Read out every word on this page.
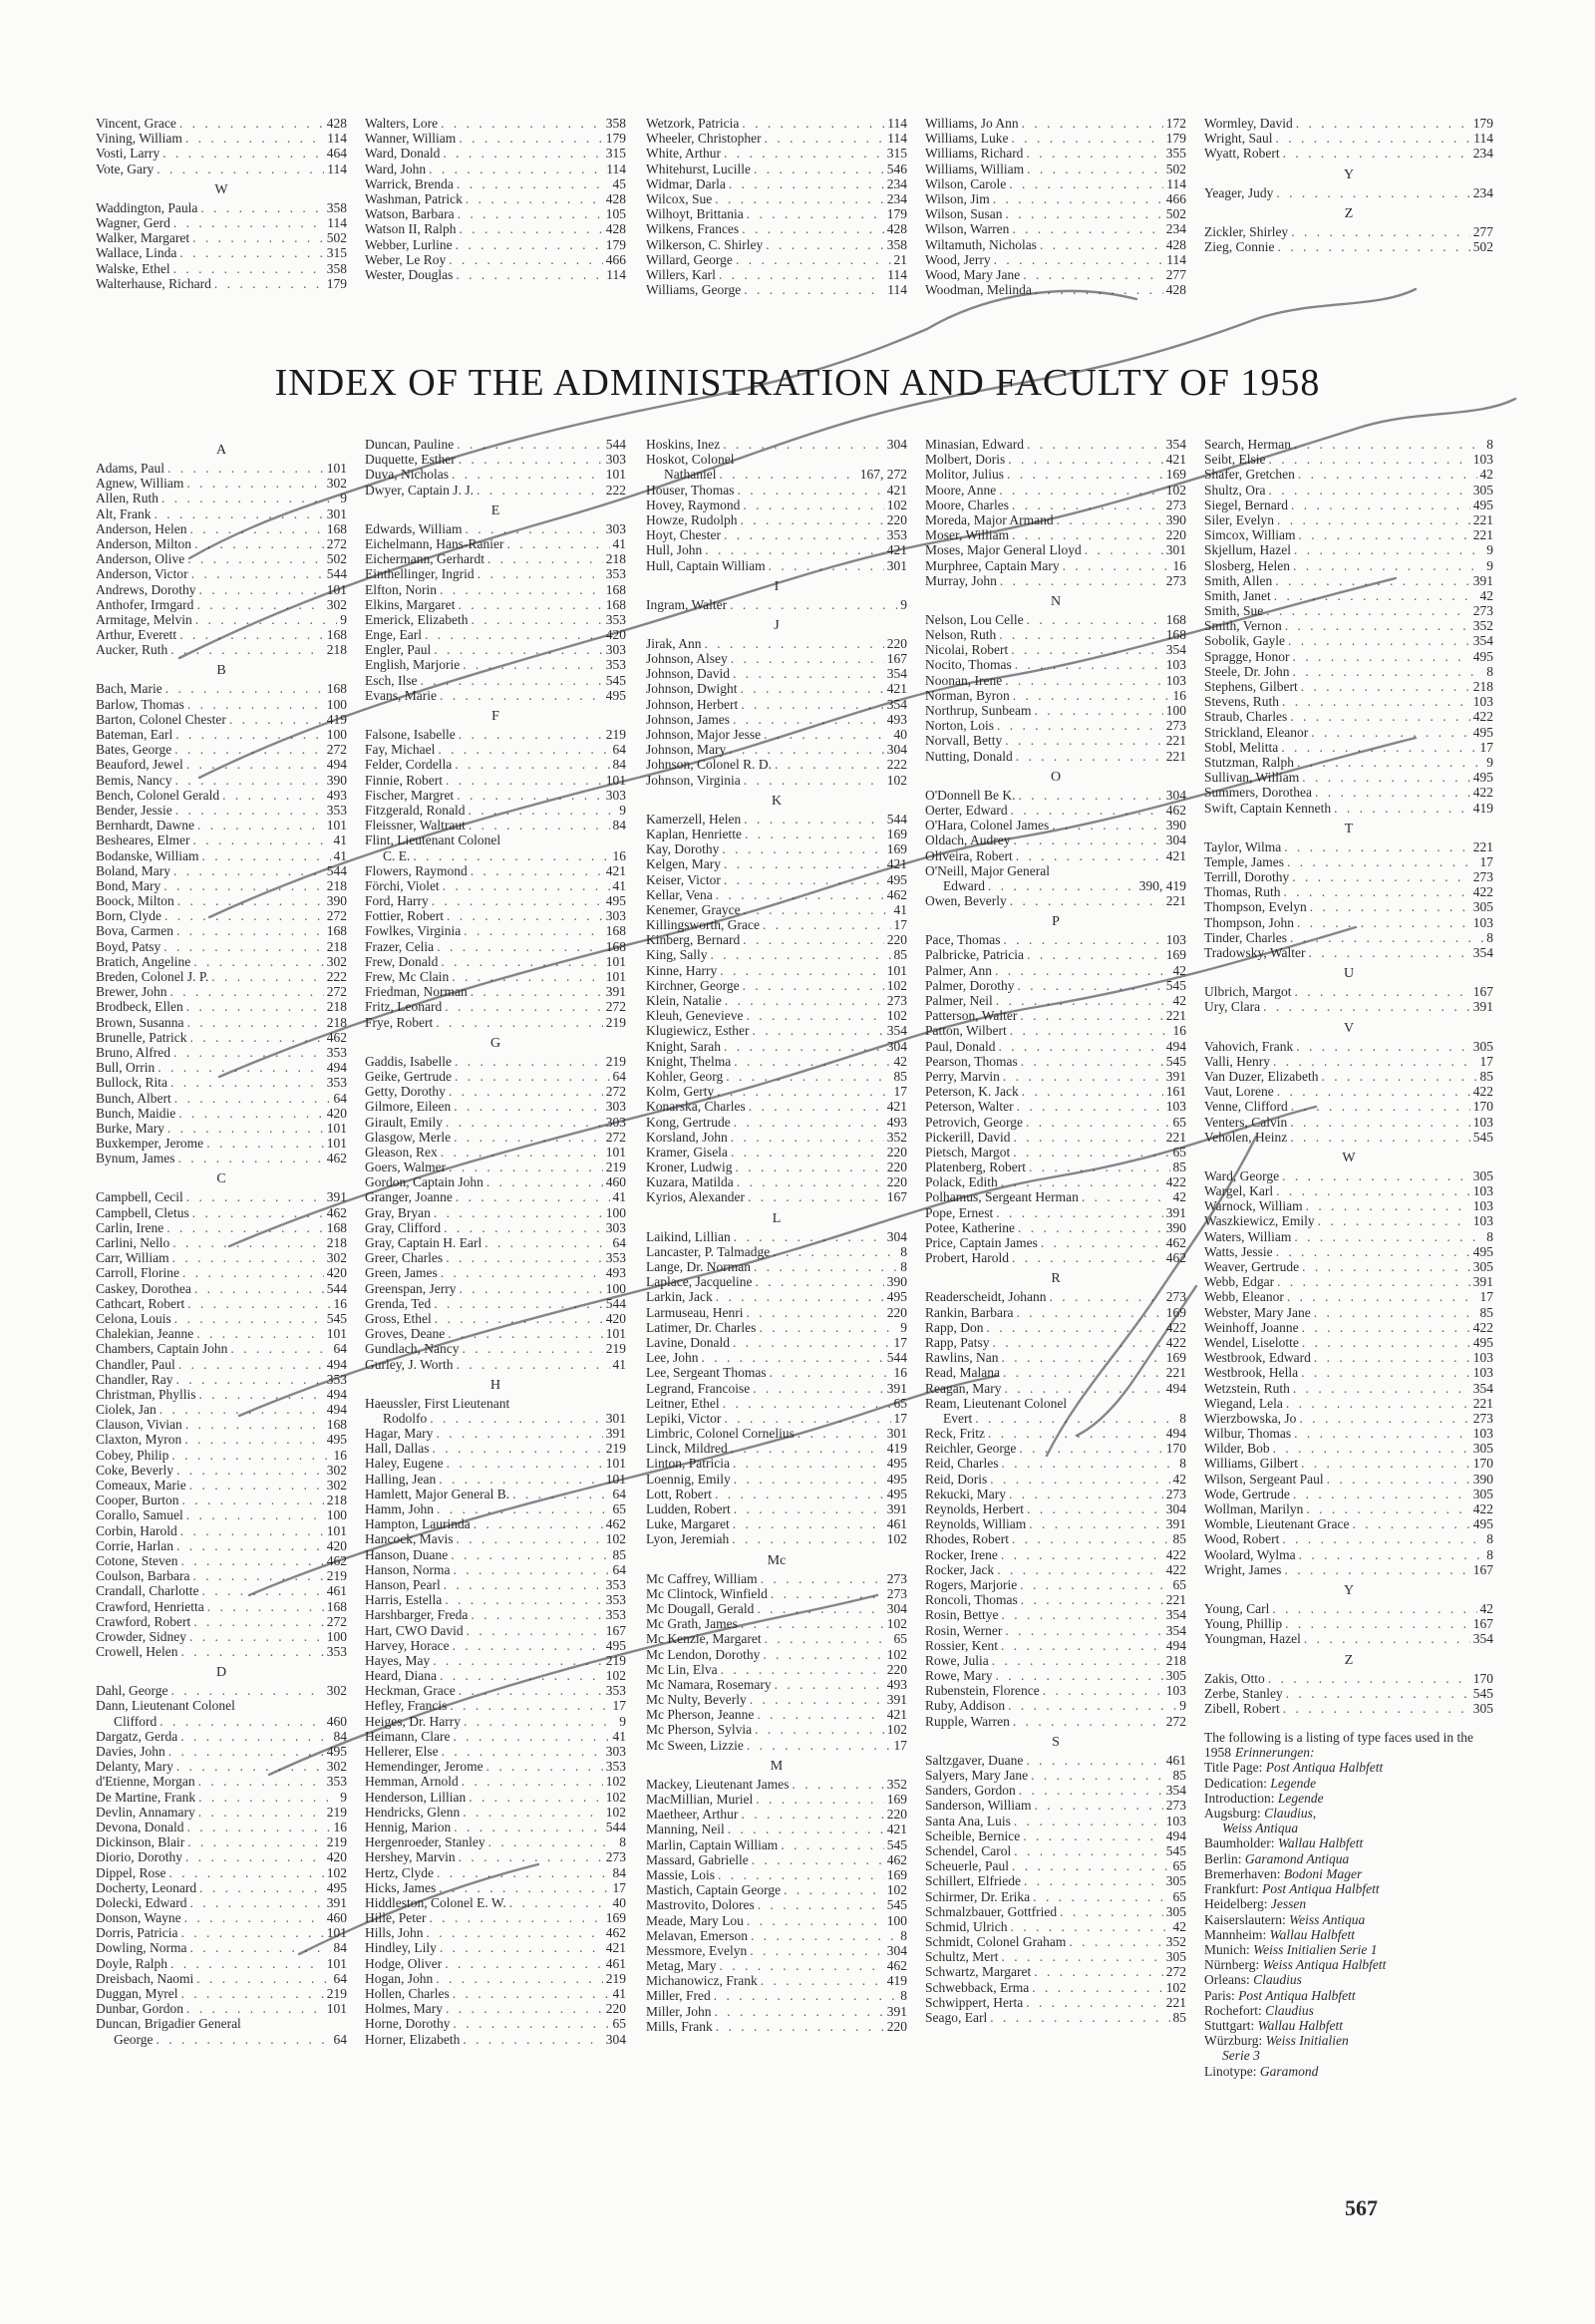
Vincent, Grace . . .	428
Vining, William . . .	114
Vosti, Larry . . .	464
Vote, Gary . . .	114
W
Waddington, Paula . . .	358
Wagner, Gerd . . .	114
Walker, Margaret . . .	502
Wallace, Linda . . .	315
Walske, Ethel . . .	358
Walterhause, Richard . . .	179
Walters, Lore . . .	358
Wanner, William . . .	179
Ward, Donald . . .	315
Ward, John . . .	114
Warrick, Brenda . . .	45
Washman, Patrick . . .	428
Watson, Barbara . . .	105
Watson II, Ralph . . .	428
Webber, Lurline . . .	179
Weber, Le Roy . . .	466
Wester, Douglas . . .	114
Wetzork, Patricia . . .	114
Wheeler, Christopher . . .	114
White, Arthur . . .	315
Whitehurst, Lucille . . .	546
Widmar, Darla . . .	234
Wilcox, Sue . . .	234
Wilhoyt, Brittania . . .	179
Wilkens, Frances . . .	428
Wilkerson, C. Shirley . . .	358
Willard, George . . .	21
Willers, Karl . . .	114
Williams, George . . .	114
Williams, Jo Ann . . .	172
Williams, Luke . . .	179
Williams, Richard . . .	355
Williams, William . . .	502
Wilson, Carole . . .	114
Wilson, Jim . . .	466
Wilson, Susan . . .	502
Wilson, Warren . . .	234
Wiltamuth, Nicholas . . .	428
Wood, Jerry . . .	114
Wood, Mary Jane . . .	277
Woodman, Melinda . . .	428
Wormley, David . . .	179
Wright, Saul . . .	114
Wyatt, Robert . . .	234
Y
Yeager, Judy . . .	234
Z
Zickler, Shirley . . .	277
Zieg, Connie . . .	502
INDEX OF THE ADMINISTRATION AND FACULTY OF 1958
A
Adams, Paul . . .	101
Agnew, William . . .	302
Allen, Ruth . . .	9
Alt, Frank . . .	301
Anderson, Helen . . .	168
Anderson, Milton . . .	272
Anderson, Olive . . .	502
Anderson, Victor . . .	544
Andrews, Dorothy . . .	101
Anthofer, Irmgard . . .	302
Armitage, Melvin . . .	9
Arthur, Everett . . .	168
Aucker, Ruth . . .	218
B
Bach, Marie . . .	168
Barlow, Thomas . . .	100
Barton, Colonel Chester . . .	419
Bateman, Earl . . .	100
Bates, George . . .	272
Beauford, Jewel . . .	494
Bemis, Nancy . . .	390
Bench, Colonel Gerald . . .	493
Bender, Jessie . . .	353
Bernhardt, Dawne . . .	101
Besheares, Elmer . . .	41
Bodanske, William . . .	41
Boland, Mary . . .	544
Bond, Mary . . .	218
Boock, Milton . . .	390
Born, Clyde . . .	272
Bova, Carmen . . .	168
Boyd, Patsy . . .	218
Bratich, Angeline . . .	302
Breden, Colonel J. P. . . .	222
Brewer, John . . .	272
Brodbeck, Ellen . . .	218
Brown, Susanna . . .	218
Brunelle, Patrick . . .	462
Bruno, Alfred . . .	353
Bull, Orrin . . .	494
Bullock, Rita . . .	353
Bunch, Albert . . .	64
Bunch, Maidie . . .	420
Burke, Mary . . .	101
Buxkemper, Jerome . . .	101
Bynum, James . . .	462
C
Campbell, Cecil . . .	391
Campbell, Cletus . . .	462
Carlin, Irene . . .	168
Carlini, Nello . . .	218
Carr, William . . .	302
Carroll, Florine . . .	420
Caskey, Dorothea . . .	544
Cathcart, Robert . . .	16
Celona, Louis . . .	545
Chalekian, Jeanne . . .	101
Chambers, Captain John . . .	64
Chandler, Paul . . .	494
Chandler, Ray . . .	353
Christman, Phyllis . . .	494
Ciolek, Jan . . .	494
Clauson, Vivian . . .	168
Claxton, Myron . . .	495
Cobey, Philip . . .	16
Coke, Beverly . . .	302
Comeaux, Marie . . .	302
Cooper, Burton . . .	218
Corallo, Samuel . . .	100
Corbin, Harold . . .	101
Corrie, Harlan . . .	420
Cotone, Steven . . .	462
Coulson, Barbara . . .	219
Crandall, Charlotte . . .	461
Crawford, Henrietta . . .	168
Crawford, Robert . . .	272
Crowder, Sidney . . .	100
Crowell, Helen . . .	353
D
Dahl, George . . .	302
Dann, Lieutenant Colonel
Clifford . . .	460
Dargatz, Gerda . . .	84
Davies, John . . .	495
Delanty, Mary . . .	302
d'Etienne, Morgan . . .	353
De Martine, Frank . . .	9
Devlin, Annamary . . .	219
Devona, Donald . . .	16
Dickinson, Blair . . .	219
Diorio, Dorothy . . .	420
Dippel, Rose . . .	102
Docherty, Leonard . . .	495
Dolecki, Edward . . .	391
Donson, Wayne . . .	460
Dorris, Patricia . . .	101
Dowling, Norma . . .	84
Doyle, Ralph . . .	101
Dreisbach, Naomi . . .	64
Duggan, Myrel . . .	219
Dunbar, Gordon . . .	101
Duncan, Brigadier General
George . . .	64
Duncan, Pauline . . .	544
Duquette, Esther . . .	303
Duva, Nicholas . . .	101
Dwyer, Captain J. J. . . .	222
E
Edwards, William . . .	303
Eichelmann, Hans-Ranier . . .	41
Eichermann, Gerhardt . . .	218
Einthellinger, Ingrid . . .	353
Elfton, Norin . . .	168
Elkins, Margaret . . .	168
Emerick, Elizabeth . . .	353
Enge, Earl . . .	420
Engler, Paul . . .	303
English, Marjorie . . .	353
Esch, Ilse . . .	545
Evans, Marie . . .	495
F
Falsone, Isabelle . . .	219
Fay, Michael . . .	64
Felder, Cordella . . .	84
Finnie, Robert . . .	101
Fischer, Margret . . .	303
Fitzgerald, Ronald . . .	9
Fleissner, Waltraut . . .	84
Flint, Lieutenant Colonel
C. E. . . .	16
Flowers, Raymond . . .	421
Förchi, Violet . . .	41
Ford, Harry . . .	495
Fottier, Robert . . .	303
Fowlkes, Virginia . . .	168
Frazer, Celia . . .	168
Frew, Donald . . .	101
Frew, Mc Clain . . .	101
Friedman, Norman . . .	391
Fritz, Leonard . . .	272
Frye, Robert . . .	219
G
Gaddis, Isabelle . . .	219
Geike, Gertrude . . .	64
Getty, Dorothy . . .	272
Gilmore, Eileen . . .	303
Girault, Emily . . .	303
Glasgow, Merle . . .	272
Gleason, Rex . . .	101
Goers, Walmer . . .	219
Gordon, Captain John . . .	460
Granger, Joanne . . .	41
Gray, Bryan . . .	100
Gray, Clifford . . .	303
Gray, Captain H. Earl . . .	64
Greer, Charles . . .	353
Green, James . . .	493
Greenspan, Jerry . . .	100
Grenda, Ted . . .	544
Gross, Ethel . . .	420
Groves, Deane . . .	101
Gundlach, Nancy . . .	219
Gurley, J. Worth . . .	41
H
Haeussler, First Lieutenant
Rodolfo . . .	301
Hagar, Mary . . .	391
Hall, Dallas . . .	219
Haley, Eugene . . .	101
Halling, Jean . . .	101
Hamlett, Major General B. . . .	64
Hamm, John . . .	65
Hampton, Laurinda . . .	462
Hancock, Mavis . . .	102
Hanson, Duane . . .	85
Hanson, Norma . . .	64
Hanson, Pearl . . .	353
Harris, Estella . . .	353
Harshbarger, Freda . . .	353
Hart, CWO David . . .	167
Harvey, Horace . . .	495
Hayes, May . . .	219
Heard, Diana . . .	102
Heckman, Grace . . .	353
Hefley, Francis . . .	17
Heiges, Dr. Harry . . .	9
Heimann, Clare . . .	41
Hellerer, Else . . .	303
Hemendinger, Jerome . . .	353
Hemman, Arnold . . .	102
Henderson, Lillian . . .	102
Hendricks, Glenn . . .	102
Hennig, Marion . . .	544
Hergenroeder, Stanley . . .	8
Hershey, Marvin . . .	273
Hertz, Clyde . . .	84
Hicks, James . . .	17
Hiddleston, Colonel E. W. . . .	40
Hille, Peter . . .	169
Hills, John . . .	462
Hindley, Lily . . .	421
Hodge, Oliver . . .	461
Hogan, John . . .	219
Hollen, Charles . . .	41
Holmes, Mary . . .	220
Horne, Dorothy . . .	65
Horner, Elizabeth . . .	304
Hoskins, Inez . . .	304
Hoskot, Colonel
Nathaniel . . .	167, 272
Houser, Thomas . . .	421
Hovey, Raymond . . .	102
Howze, Rudolph . . .	220
Hoyt, Chester . . .	353
Hull, John . . .	421
Hull, Captain William . . .	301
I
Ingram, Walter . . .	9
J
Jirak, Ann . . .	220
Johnson, Alsey . . .	167
Johnson, David . . .	354
Johnson, Dwight . . .	421
Johnson, Herbert . . .	354
Johnson, James . . .	493
Johnson, Major Jesse . . .	40
Johnson, Mary . . .	304
Johnson, Colonel R. D. . . .	222
Johnson, Virginia . . .	102
K
Kamerzell, Helen . . .	544
Kaplan, Henriette . . .	169
Kay, Dorothy . . .	169
Kelgen, Mary . . .	421
Keiser, Victor . . .	495
Kellar, Vena . . .	462
Kenemer, Grayce . . .	41
Killingsworth, Grace . . .	17
Kinberg, Bernard . . .	220
King, Sally . . .	85
Kinne, Harry . . .	101
Kirchner, George . . .	102
Klein, Natalie . . .	273
Kleuh, Genevieve . . .	102
Klugiewicz, Esther . . .	354
Knight, Sarah . . .	304
Knight, Thelma . . .	42
Kohler, Georg . . .	85
Kolm, Gerty . . .	17
Konarska, Charles . . .	421
Kong, Gertrude . . .	493
Korsland, John . . .	352
Kramer, Gisela . . .	220
Kroner, Ludwig . . .	220
Kuzara, Matilda . . .	220
Kyrios, Alexander . . .	167
L
Laikind, Lillian . . .	304
Lancaster, P. Talmadge . . .	8
Lange, Dr. Norman . . .	8
Laplace, Jacqueline . . .	390
Larkin, Jack . . .	495
Larmuseau, Henri . . .	220
Latimer, Dr. Charles . . .	9
Lavine, Donald . . .	17
Lee, John . . .	544
Lee, Sergeant Thomas . . .	16
Legrand, Francoise . . .	391
Leitner, Ethel . . .	65
Lepiki, Victor . . .	17
Limbric, Colonel Cornelius . . .	301
Linck, Mildred . . .	419
Linton, Patricia . . .	495
Loennig, Emily . . .	495
Lott, Robert . . .	495
Ludden, Robert . . .	391
Luke, Margaret . . .	461
Lyon, Jeremiah . . .	102
Mc
Mc Caffrey, William . . .	273
Mc Clintock, Winfield . . .	273
Mc Dougall, Gerald . . .	304
Mc Grath, James . . .	102
Mc Kenzie, Margaret . . .	65
Mc Lendon, Dorothy . . .	102
Mc Lin, Elva . . .	220
Mc Namara, Rosemary . . .	493
Mc Nulty, Beverly . . .	391
Mc Pherson, Jeanne . . .	421
Mc Pherson, Sylvia . . .	102
Mc Sween, Lizzie . . .	17
M
Mackey, Lieutenant James . . .	352
MacMillian, Muriel . . .	169
Maetheer, Arthur . . .	220
Manning, Neil . . .	421
Marlin, Captain William . . .	545
Massard, Gabrielle . . .	462
Massie, Lois . . .	169
Mastich, Captain George . . .	102
Mastrovito, Dolores . . .	545
Meade, Mary Lou . . .	100
Melavan, Emerson . . .	8
Messmore, Evelyn . . .	304
Metag, Mary . . .	462
Michanowicz, Frank . . .	419
Miller, Fred . . .	8
Miller, John . . .	391
Mills, Frank . . .	220
Minasian, Edward . . .	354
Molbert, Doris . . .	421
Molitor, Julius . . .	169
Moore, Anne . . .	102
Moore, Charles . . .	273
Moreda, Major Armand . . .	390
Moser, William . . .	220
Moses, Major General Lloyd . . .	301
Murphree, Captain Mary . . .	16
Murray, John . . .	273
N
Nelson, Lou Celle . . .	168
Nelson, Ruth . . .	168
Nicolai, Robert . . .	354
Nocito, Thomas . . .	103
Noonan, Irene . . .	103
Norman, Byron . . .	16
Northrup, Sunbeam . . .	100
Norton, Lois . . .	273
Norvall, Betty . . .	221
Nutting, Donald . . .	221
O
O'Donnell Be K. . . .	304
Oerter, Edward . . .	462
O'Hara, Colonel James . . .	390
Oldach, Audrey . . .	304
Oliveira, Robert . . .	421
O'Neill, Major General
Edward . . .	390, 419
Owen, Beverly . . .	221
P
Pace, Thomas . . .	103
Palbricke, Patricia . . .	169
Palmer, Ann . . .	42
Palmer, Dorothy . . .	545
Palmer, Neil . . .	42
Patterson, Walter . . .	221
Patton, Wilbert . . .	16
Paul, Donald . . .	494
Pearson, Thomas . . .	545
Perry, Marvin . . .	391
Peterson, K. Jack . . .	161
Peterson, Walter . . .	103
Petrovich, George . . .	65
Pickerill, David . . .	221
Pietsch, Margot . . .	65
Platenberg, Robert . . .	85
Polack, Edith . . .	422
Polhamus, Sergeant Herman . . .	42
Pope, Ernest . . .	391
Potee, Katherine . . .	390
Price, Captain James . . .	462
Probert, Harold . . .	462
R
Readerscheidt, Johann . . .	273
Rankin, Barbara . . .	169
Rapp, Don . . .	422
Rapp, Patsy . . .	422
Rawlins, Nan . . .	169
Read, Malana . . .	221
Reagan, Mary . . .	494
Ream, Lieutenant Colonel
Evert . . .	8
Reck, Fritz . . .	494
Reichler, George . . .	170
Reid, Charles . . .	8
Reid, Doris . . .	42
Rekucki, Mary . . .	273
Reynolds, Herbert . . .	304
Reynolds, William . . .	391
Rhodes, Robert . . .	85
Rocker, Irene . . .	422
Rocker, Jack . . .	422
Rogers, Marjorie . . .	65
Roncoli, Thomas . . .	221
Rosin, Bettye . . .	354
Rosin, Werner . . .	354
Rossier, Kent . . .	494
Rowe, Julia . . .	218
Rowe, Mary . . .	305
Rubenstein, Florence . . .	103
Ruby, Addison . . .	9
Rupple, Warren . . .	272
S
Saltzgaver, Duane . . .	461
Salyers, Mary Jane . . .	85
Sanders, Gordon . . .	354
Sanderson, William . . .	273
Santa Ana, Luis . . .	103
Scheible, Bernice . . .	494
Schendel, Carol . . .	545
Scheuerle, Paul . . .	65
Schillert, Elfriede . . .	305
Schirmer, Dr. Erika . . .	65
Schmalzbauer, Gottfried . . .	305
Schmid, Ulrich . . .	42
Schmidt, Colonel Graham . . .	352
Schultz, Mert . . .	305
Schwartz, Margaret . . .	272
Schwebback, Erma . . .	102
Schwippert, Herta . . .	221
Seago, Earl . . .	85
Search, Herman . . .	8
Seibt, Elsie . . .	103
Shafer, Gretchen . . .	42
Shultz, Ora . . .	305
Siegel, Bernard . . .	495
Siler, Evelyn . . .	221
Simcox, William . . .	221
Skjellum, Hazel . . .	9
Slosberg, Helen . . .	9
Smith, Allen . . .	391
Smith, Janet . . .	42
Smith, Sue . . .	273
Smith, Vernon . . .	352
Sobolik, Gayle . . .	354
Spragge, Honor . . .	495
Steele, Dr. John . . .	8
Stephens, Gilbert . . .	218
Stevens, Ruth . . .	103
Straub, Charles . . .	422
Strickland, Eleanor . . .	495
Stobl, Melitta . . .	17
Stutzman, Ralph . . .	9
Sullivan, William . . .	495
Summers, Dorothea . . .	422
Swift, Captain Kenneth . . .	419
T
Taylor, Wilma . . .	221
Temple, James . . .	17
Terrill, Dorothy . . .	273
Thomas, Ruth . . .	422
Thompson, Evelyn . . .	305
Thompson, John . . .	103
Tinder, Charles . . .	8
Tradowsky, Walter . . .	354
U
Ulbrich, Margot . . .	167
Ury, Clara . . .	391
V
Vahovich, Frank . . .	305
Valli, Henry . . .	17
Van Duzer, Elizabeth . . .	85
Vaut, Lorene . . .	422
Venne, Clifford . . .	170
Venters, Calvin . . .	103
Veholen, Heinz . . .	545
W
Ward, George . . .	305
Wargel, Karl . . .	103
Warnock, William . . .	103
Waszkiewicz, Emily . . .	103
Waters, William . . .	8
Watts, Jessie . . .	495
Weaver, Gertrude . . .	305
Webb, Edgar . . .	391
Webb, Eleanor . . .	17
Webster, Mary Jane . . .	85
Weinhoff, Joanne . . .	422
Wendel, Liselotte . . .	495
Westbrook, Edward . . .	103
Westbrook, Hella . . .	103
Wetzstein, Ruth . . .	354
Wiegand, Lela . . .	221
Wierzbowska, Jo . . .	273
Wilbur, Thomas . . .	103
Wilder, Bob . . .	305
Williams, Gilbert . . .	170
Wilson, Sergeant Paul . . .	390
Wode, Gertrude . . .	305
Wollman, Marilyn . . .	422
Womble, Lieutenant Grace . . .	495
Wood, Robert . . .	8
Woolard, Wylma . . .	8
Wright, James . . .	167
Y
Young, Carl . . .	42
Young, Phillip . . .	167
Youngman, Hazel . . .	354
Z
Zakis, Otto . . .	170
Zerbe, Stanley . . .	545
Zibell, Robert . . .	305
The following is a listing of type faces used in the 1958 Erinnerungen:
Title Page: Post Antiqua Halbfett
Dedication: Legende
Introduction: Legende
Augsburg: Claudius,
Weiss Antiqua
Baumholder: Wallau Halbfett
Berlin: Garamond Antiqua
Bremerhaven: Bodoni Mager
Frankfurt: Post Antiqua Halbfett
Heidelberg: Jessen
Kaiserslautern: Weiss Antiqua
Mannheim: Wallau Halbfett
Munich: Weiss Initialien Serie 1
Nürnberg: Weiss Antiqua Halbfett
Orleans: Claudius
Paris: Post Antiqua Halbfett
Rochefort: Claudius
Stuttgart: Wallau Halbfett
Würzburg: Weiss Initialien
Serie 3
Linotype: Garamond
567
